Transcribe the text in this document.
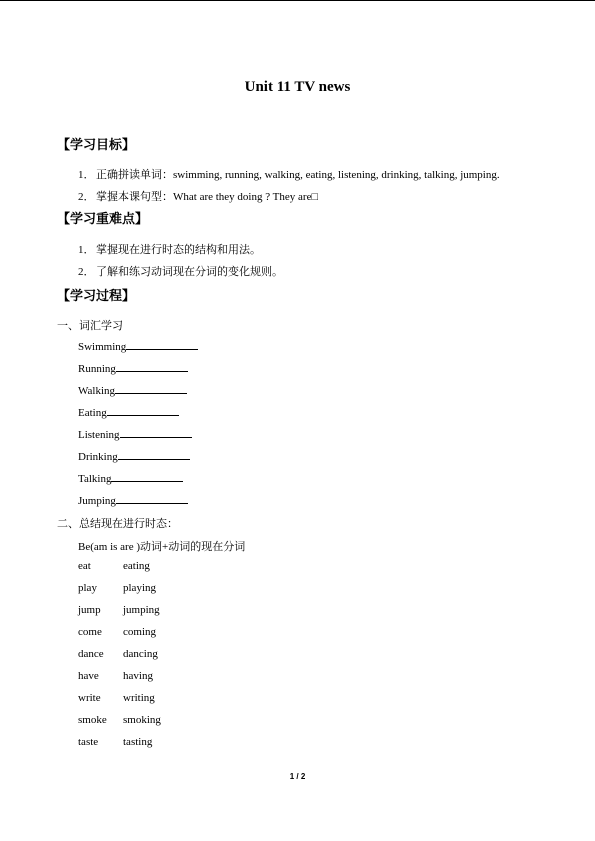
Unit 11 TV news
【学习目标】
1． 正确拼读单词：swimming, running, walking, eating, listening, drinking, talking, jumping.
2． 掌握本课句型：What are they doing ? They are□
【学习重难点】
1． 掌握现在进行时态的结构和用法。
2． 了解和练习动词现在分词的变化规则。
【学习过程】
一、词汇学习
Swimming
Running
Walking
Eating
Listening
Drinking
Talking
Jumping
二、总结现在进行时态：
Be(am is are )动词+动词的现在分词
eat	eating
play playing
jump jumping
come coming
dance dancing
have having
write writing
smoke smoking
taste tasting
1 / 2
